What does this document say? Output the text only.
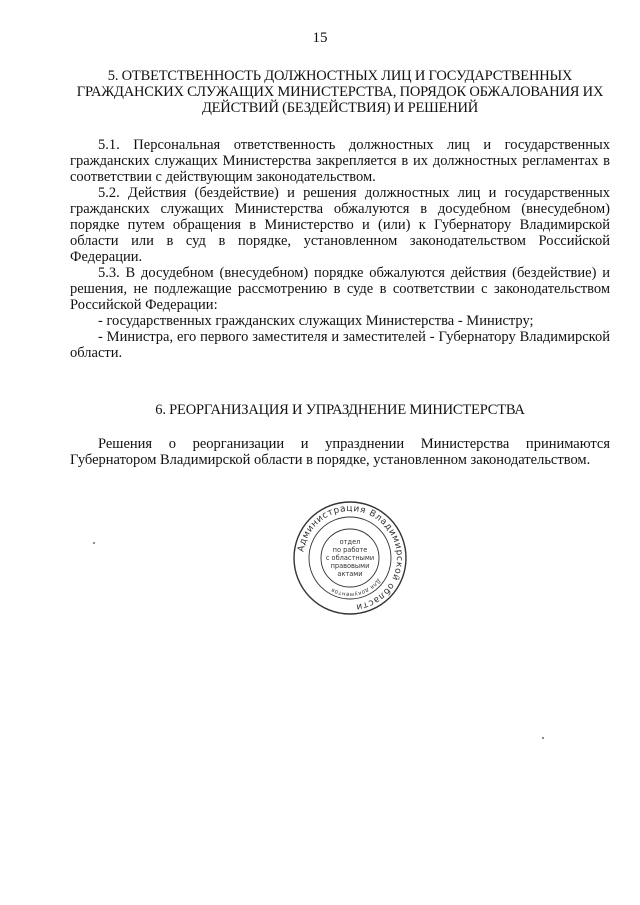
15
5. ОТВЕТСТВЕННОСТЬ ДОЛЖНОСТНЫХ ЛИЦ И ГОСУДАРСТВЕННЫХ ГРАЖДАНСКИХ СЛУЖАЩИХ МИНИСТЕРСТВА, ПОРЯДОК ОБЖАЛОВАНИЯ ИХ ДЕЙСТВИЙ (БЕЗДЕЙСТВИЯ) И РЕШЕНИЙ

5.1. Персональная ответственность должностных лиц и государственных гражданских служащих Министерства закрепляется в их должностных регламентах в соответствии с действующим законодательством.

5.2. Действия (бездействие) и решения должностных лиц и государственных гражданских служащих Министерства обжалуются в досудебном (внесудебном) порядке путем обращения в Министерство и (или) к Губернатору Владимирской области или в суд в порядке, установленном законодательством Российской Федерации.

5.3. В досудебном (внесудебном) порядке обжалуются действия (бездействие) и решения, не подлежащие рассмотрению в суде в соответствии с законодательством Российской Федерации:

- государственных гражданских служащих Министерства - Министру;

- Министра, его первого заместителя и заместителей - Губернатору Владимирской области.

6. РЕОРГАНИЗАЦИЯ И УПРАЗДНЕНИЕ МИНИСТЕРСТВА

Решения о реорганизации и упразднении Министерства принимаются Губернатором Владимирской области в порядке, установленном законодательством.

Администрация Владимирской области
Для документов
отдел
по работе
с областными
правовыми
актами
